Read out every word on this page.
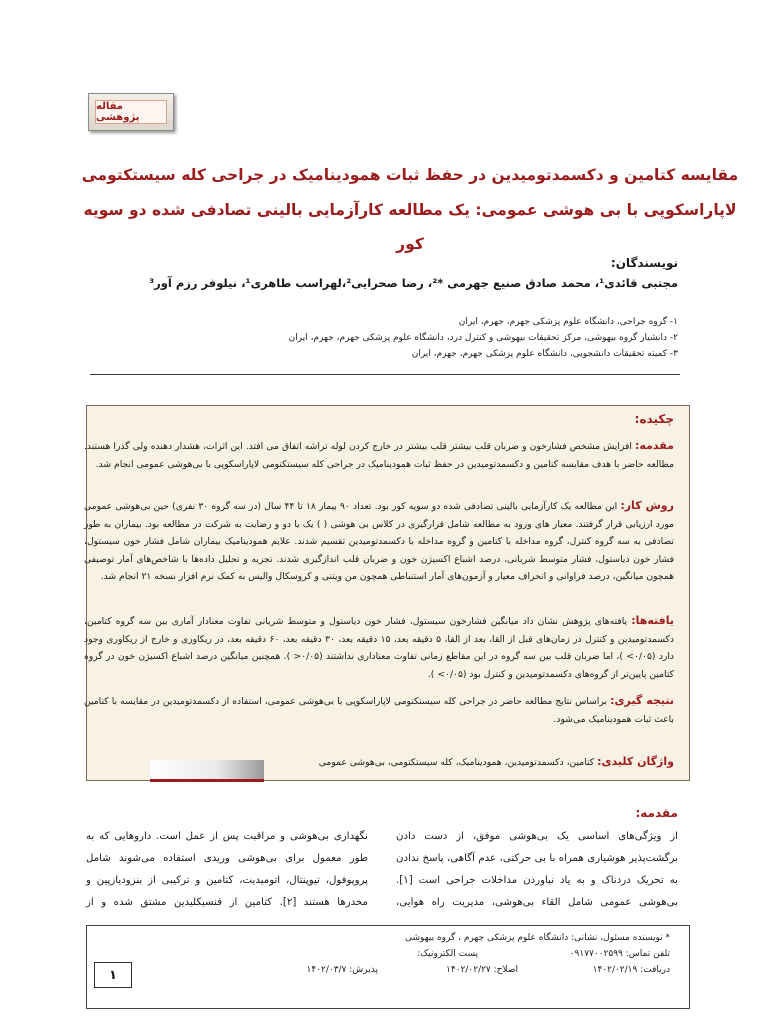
مقاله پژوهشی
مقایسه کتامین و دکسمدتومیدین در حفظ ثبات همودینامیک در جراحی کله سیستکتومی
لاپاراسکوپی با بی هوشی عمومی: یک مطالعه کارآزمایی بالینی تصادفی شده دو سویه کور
نویسندگان:
مجتبی قائدی¹، محمد صادق صنیع جهرمی *²، رضا صحرایی²،لهراسب طاهری¹، نیلوفر رزم آور³
۱- گروه جراحی، دانشگاه علوم پزشکی جهرم، جهرم، ایران
۲- دانشیار گروه بیهوشی، مرکز تحقیقات بیهوشی و کنترل درد، دانشگاه علوم پزشکی جهرم، جهرم، ایران
۳- کمیته تحقیقات دانشجویی، دانشگاه علوم پزشکی جهرم، جهرم، ایران
چکیده:
مقدمه: افزایش مشخص فشارخون و ضربان قلب بیشتر قلب بیشتر در خارج کردن لوله تراشه اتفاق می افتد. این اثرات، هشدار دهنده ولی گذرا هستند. مطالعه حاضر با هدف مقایسه کتامین و دکسمدتومیدین در حفظ ثبات همودینامیک در جراحی کله سیستکتومی لاپاراسکوپی با بی‌هوشی عمومی انجام شد.
روش کار: این مطالعه یک کارآزمایی بالینی تصادفی شده دو سویه کور بود. تعداد ۹۰ بیمار ۱۸ تا ۴۴ سال (در سه گروه ۳۰ نفری) حین بی‌هوشی عمومی مورد ارزیابی قرار گرفتند. معیار های ورود به مطالعه شامل قرارگیری در کلاس بی هوشی ( ) یک یا دو و رضایت به شرکت در مطالعه بود. بیماران به طور تصادفی به سه گروه کنترل، گروه مداخله با کتامین و گروه مداخله با دکسمدتومیدین تقسیم شدند. علایم همودینامیک بیماران شامل فشار خون سیستول، فشار خون دیاستول، فشار متوسط شریانی، درصد اشباع اکسیژن خون و ضربان قلب اندازگیری شدند. تجزیه و تحلیل داده‌ها با شاخص‌های آمار توصیفی همچون میانگین، درصد فراوانی و انحراف معیار و آزمون‌های آمار استنباطی همچون من ویتنی و کروسکال والیس به کمک نرم افزار نسخه ۲۱ انجام شد.
یافته‌ها: یافته‌های پژوهش نشان داد میانگین فشارخون سیستول، فشار خون دیاستول و متوسط شریانی تفاوت معنادار آماری بین سه گروه کتامین، دکسمدتومیدین و کنترل در زمان‌های قبل از القا، بعد از القا، ۵ دقیقه بعد، ۱۵ دقیقه بعد، ۳۰ دقیقه بعد، ۶۰ دقیقه بعد، در ریکاوری و خارج از ریکاوری وجود دارد (۰/۰۵> )، اما ضربان قلب بین سه گروه در این مقاطع زمانی تفاوت معناداری نداشتند (۰/۰۵< ). همچنین میانگین درصد اشباع اکسیژن خون در گروه کتامین پایین‌تر از گروه‌های دکسمدتومیدین و کنترل بود (۰/۰۵> ).
نتیجه گیری: براساس نتایج مطالعه حاضر در جراحی کله سیستکتومی لاپاراسکوپی با بی‌هوشی عمومی، استفاده از دکسمدتومیدین در مقایسه با کتامین باعث ثبات همودینامیک می‌شود.
واژگان کلیدی: کتامین، دکسمدتومیدین، همودینامیک، کله سیستکتومی، بی‌هوشی عمومی
مقدمه:
از ویژگی‌های اساسی یک بی‌هوشی موفق، از دست دادن برگشت‌پذیر هوشیاری همراه با بی حرکتی، عدم آگاهی، پاسخ ندادن به تحریک دردناک و به یاد نیاوردن مداخلات جراحی است [۱]. بی‌هوشی عمومی شامل القاء بی‌هوشی، مدیریت راه هوایی،
نگهداری بی‌هوشی و مراقبت پس از عمل است. داروهایی که به طور معمول برای بی‌هوشی وریدی استفاده می‌شوند شامل پروپوفول، تیوپنتال، اتومیدیت، کتامین و ترکیبی از بنزودیازپین و مخدرها هستند [۲]. کتامین از فنسیکلیدین مشتق شده و از
* نویسنده مسئول، نشانی: دانشگاه علوم پزشکی جهرم ، گروه بیهوشی
تلفن تماس: ۰۹۱۷۷۰۰۲۵۹۹
پست الکترونیک:
دریافت: ۱۴۰۲/۰۲/۱۹
اصلاح: ۱۴۰۲/۰۲/۲۷
پذیرش: ۱۴۰۲/۰۳/۷
۱
